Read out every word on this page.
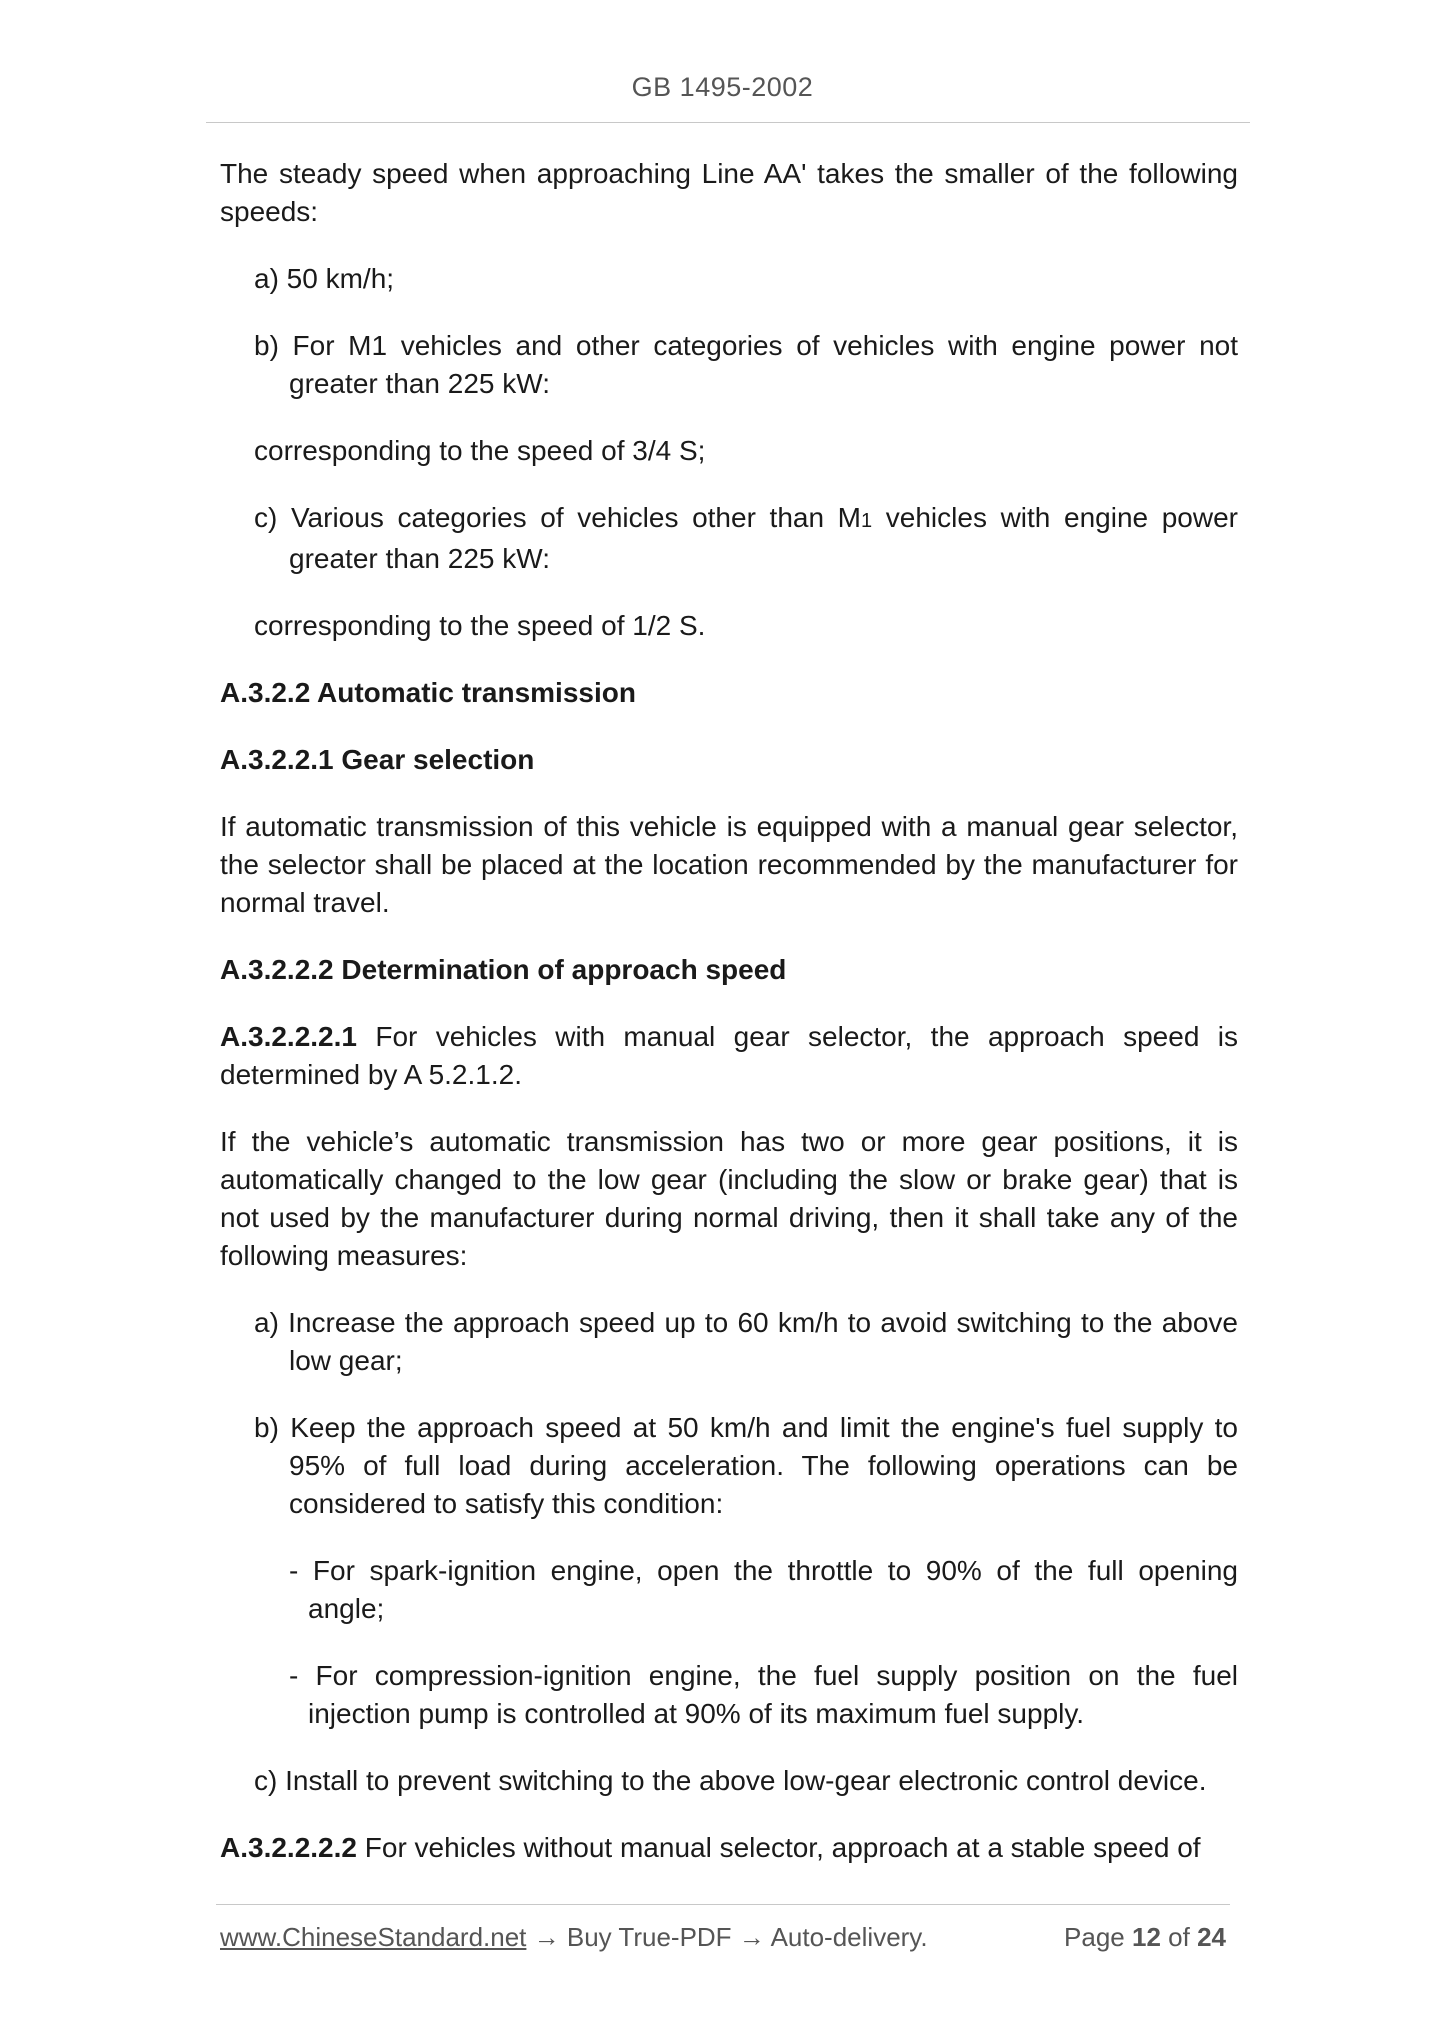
GB 1495-2002

The steady speed when approaching Line AA' takes the smaller of the following speeds:

a) 50 km/h;

b) For M1 vehicles and other categories of vehicles with engine power not greater than 225 kW:

corresponding to the speed of 3/4 S;

c) Various categories of vehicles other than M1 vehicles with engine power greater than 225 kW:

corresponding to the speed of 1/2 S.

A.3.2.2 Automatic transmission

A.3.2.2.1 Gear selection

If automatic transmission of this vehicle is equipped with a manual gear selector, the selector shall be placed at the location recommended by the manufacturer for normal travel.

A.3.2.2.2 Determination of approach speed

A.3.2.2.2.1 For vehicles with manual gear selector, the approach speed is determined by A 5.2.1.2.

If the vehicle’s automatic transmission has two or more gear positions, it is automatically changed to the low gear (including the slow or brake gear) that is not used by the manufacturer during normal driving, then it shall take any of the following measures:

a) Increase the approach speed up to 60 km/h to avoid switching to the above low gear;

b) Keep the approach speed at 50 km/h and limit the engine's fuel supply to 95% of full load during acceleration. The following operations can be considered to satisfy this condition:

- For spark-ignition engine, open the throttle to 90% of the full opening angle;

- For compression-ignition engine, the fuel supply position on the fuel injection pump is controlled at 90% of its maximum fuel supply.

c) Install to prevent switching to the above low-gear electronic control device.

A.3.2.2.2.2 For vehicles without manual selector, approach at a stable speed of

www.ChineseStandard.net → Buy True-PDF → Auto-delivery.	Page 12 of 24
